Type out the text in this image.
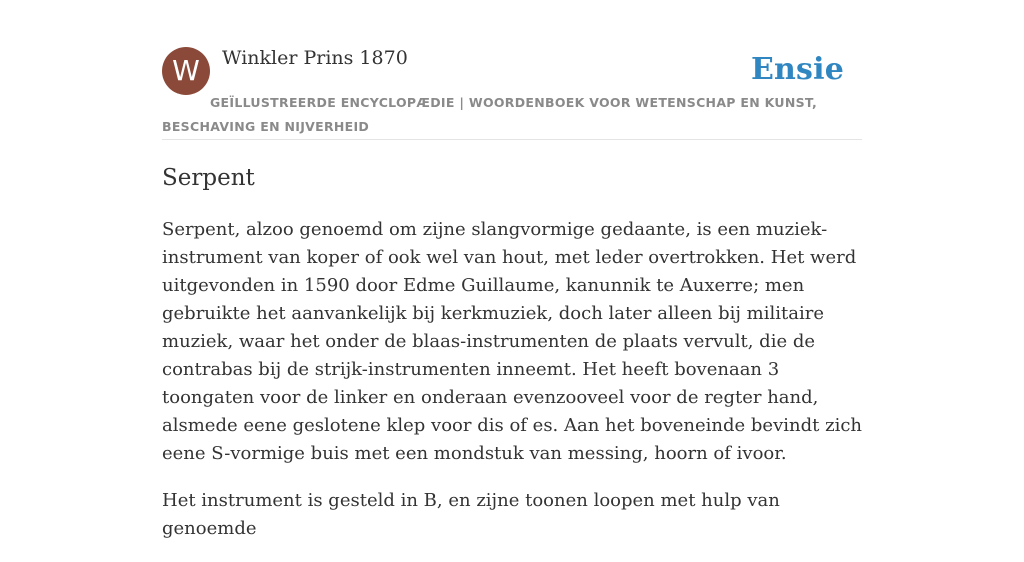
W	Winkler Prins 1870	Ensie
GEÏLLUSTREERDE ENCYCLOPÆDIE | WOORDENBOEK VOOR WETENSCHAP EN KUNST, BESCHAVING EN NIJVERHEID
Serpent

Serpent, alzoo genoemd om zijne slangvormige gedaante, is een muziek-instrument van koper of ook wel van hout, met leder overtrokken. Het werd uitgevonden in 1590 door Edme Guillaume, kanunnik te Auxerre; men gebruikte het aanvankelijk bij kerkmuziek, doch later alleen bij militaire muziek, waar het onder de blaas-instrumenten de plaats vervult, die de contrabas bij de strijk-instrumenten inneemt. Het heeft bovenaan 3 toongaten voor de linker en onderaan evenzooveel voor de regter hand, alsmede eene geslotene klep voor dis of es. Aan het boveneinde bevindt zich eene S-vormige buis met een mondstuk van messing, hoorn of ivoor.

Het instrument is gesteld in B, en zijne toonen loopen met hulp van genoemde
